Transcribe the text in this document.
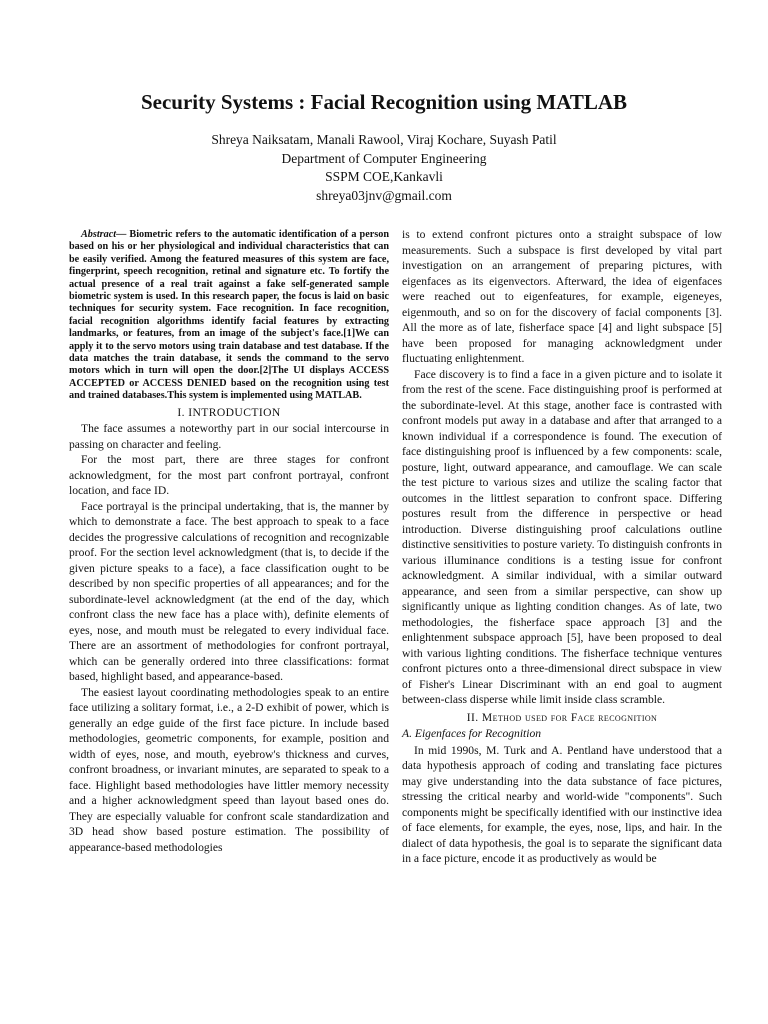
Security Systems : Facial Recognition using MATLAB

Shreya Naiksatam, Manali Rawool, Viraj Kochare, Suyash Patil

Department of Computer Engineering

SSPM COE,Kankavli

shreya03jnv@gmail.com

Abstract— Biometric refers to the automatic identification of a person based on his or her physiological and individual characteristics that can be easily verified. Among the featured measures of this system are face, fingerprint, speech recognition, retinal and signature etc. To fortify the actual presence of a real trait against a fake self-generated sample biometric system is used. In this research paper, the focus is laid on basic techniques for security system. Face recognition. In face recognition, facial recognition algorithms identify facial features by extracting landmarks, or features, from an image of the subject's face.[1]We can apply it to the servo motors using train database and test database. If the data matches the train database, it sends the command to the servo motors which in turn will open the door.[2]The UI displays ACCESS ACCEPTED or ACCESS DENIED based on the recognition using test and trained databases.This system is implemented using MATLAB.

I. INTRODUCTION

The face assumes a noteworthy part in our social intercourse in passing on character and feeling.

For the most part, there are three stages for confront acknowledgment, for the most part confront portrayal, confront location, and face ID.

Face portrayal is the principal undertaking, that is, the manner by which to demonstrate a face. The best approach to speak to a face decides the progressive calculations of recognition and recognizable proof. For the section level acknowledgment (that is, to decide if the given picture speaks to a face), a face classification ought to be described by non specific properties of all appearances; and for the subordinate-level acknowledgment (at the end of the day, which confront class the new face has a place with), definite elements of eyes, nose, and mouth must be relegated to every individual face. There are an assortment of methodologies for confront portrayal, which can be generally ordered into three classifications: format based, highlight based, and appearance-based.

The easiest layout coordinating methodologies speak to an entire face utilizing a solitary format, i.e., a 2-D exhibit of power, which is generally an edge guide of the first face picture. In include based methodologies, geometric components, for example, position and width of eyes, nose, and mouth, eyebrow's thickness and curves, confront broadness, or invariant minutes, are separated to speak to a face. Highlight based methodologies have littler memory necessity and a higher acknowledgment speed than layout based ones do. They are especially valuable for confront scale standardization and 3D head show based posture estimation. The possibility of appearance-based methodologies

is to extend confront pictures onto a straight subspace of low measurements. Such a subspace is first developed by vital part investigation on an arrangement of preparing pictures, with eigenfaces as its eigenvectors. Afterward, the idea of eigenfaces were reached out to eigenfeatures, for example, eigeneyes, eigenmouth, and so on for the discovery of facial components [3]. All the more as of late, fisherface space [4] and light subspace [5] have been proposed for managing acknowledgment under fluctuating enlightenment.

Face discovery is to find a face in a given picture and to isolate it from the rest of the scene. Face distinguishing proof is performed at the subordinate-level. At this stage, another face is contrasted with confront models put away in a database and after that arranged to a known individual if a correspondence is found. The execution of face distinguishing proof is influenced by a few components: scale, posture, light, outward appearance, and camouflage. We can scale the test picture to various sizes and utilize the scaling factor that outcomes in the littlest separation to confront space. Differing postures result from the difference in perspective or head introduction. Diverse distinguishing proof calculations outline distinctive sensitivities to posture variety. To distinguish confronts in various iIluminance conditions is a testing issue for confront acknowledgment. A similar individual, with a similar outward appearance, and seen from a similar perspective, can show up significantly unique as lighting condition changes. As of late, two methodologies, the fisherface space approach [3] and the enlightenment subspace approach [5], have been proposed to deal with various lighting conditions. The fisherface technique ventures confront pictures onto a three-dimensional direct subspace in view of Fisher's Linear Discriminant with an end goal to augment between-class disperse while limit inside class scramble.

II. Method used for Face recognition
A. Eigenfaces for Recognition

In mid 1990s, M. Turk and A. Pentland have understood that a data hypothesis approach of coding and translating face pictures may give understanding into the data substance of face pictures, stressing the critical nearby and world-wide "components". Such components might be specifically identified with our instinctive idea of face elements, for example, the eyes, nose, lips, and hair. In the dialect of data hypothesis, the goal is to separate the significant data in a face picture, encode it as productively as would be
